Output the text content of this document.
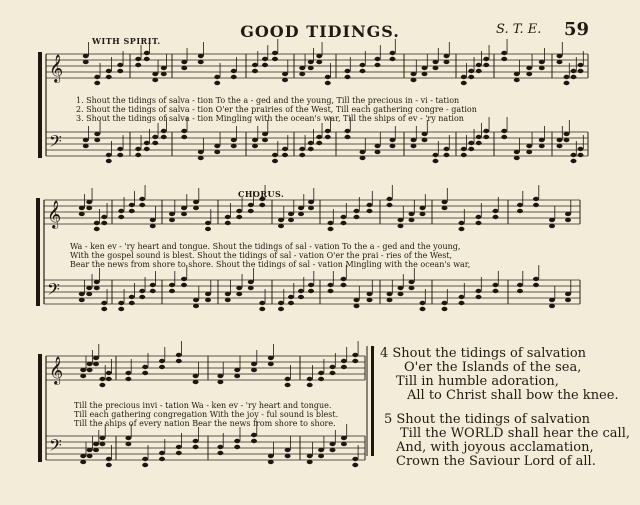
𝄞
𝄢
𝄞
𝄢
𝄞
𝄢
GOOD TIDINGS.	S. T. E. 59
WITH SPIRIT.
CHORUS.
1. Shout the tidings of salva - tion To the a - ged and the young, Till the precious in - vi - tation
2. Shout the tidings of salva - tion O'er the prairies of the West, Till each gathering congre - gation
3. Shout the tidings of salva - tion Mingling with the ocean's war, Till the ships of ev - 'ry nation
Wa - ken ev - 'ry heart and tongue. Shout the tidings of sal - vation To the a - ged and the young,
With the gospel sound is blest. Shout the tidings of sal - vation O'er the prai - ries of the West,
Bear the news from shore to shore. Shout the tidings of sal - vation Mingling with the ocean's war,
Till the precious invi - tation Wa - ken ev - 'ry heart and tongue.
Till each gathering congregation With the joy - ful sound is blest.
Till the ships of every nation Bear the news from shore to shore.
4 Shout the tidings of salvation
O'er the Islands of the sea,
Till in humble adoration,
All to Christ shall bow the knee.
5 Shout the tidings of salvation
Till the WORLD shall hear the call,
And, with joyous acclamation,
Crown the Saviour Lord of all.
